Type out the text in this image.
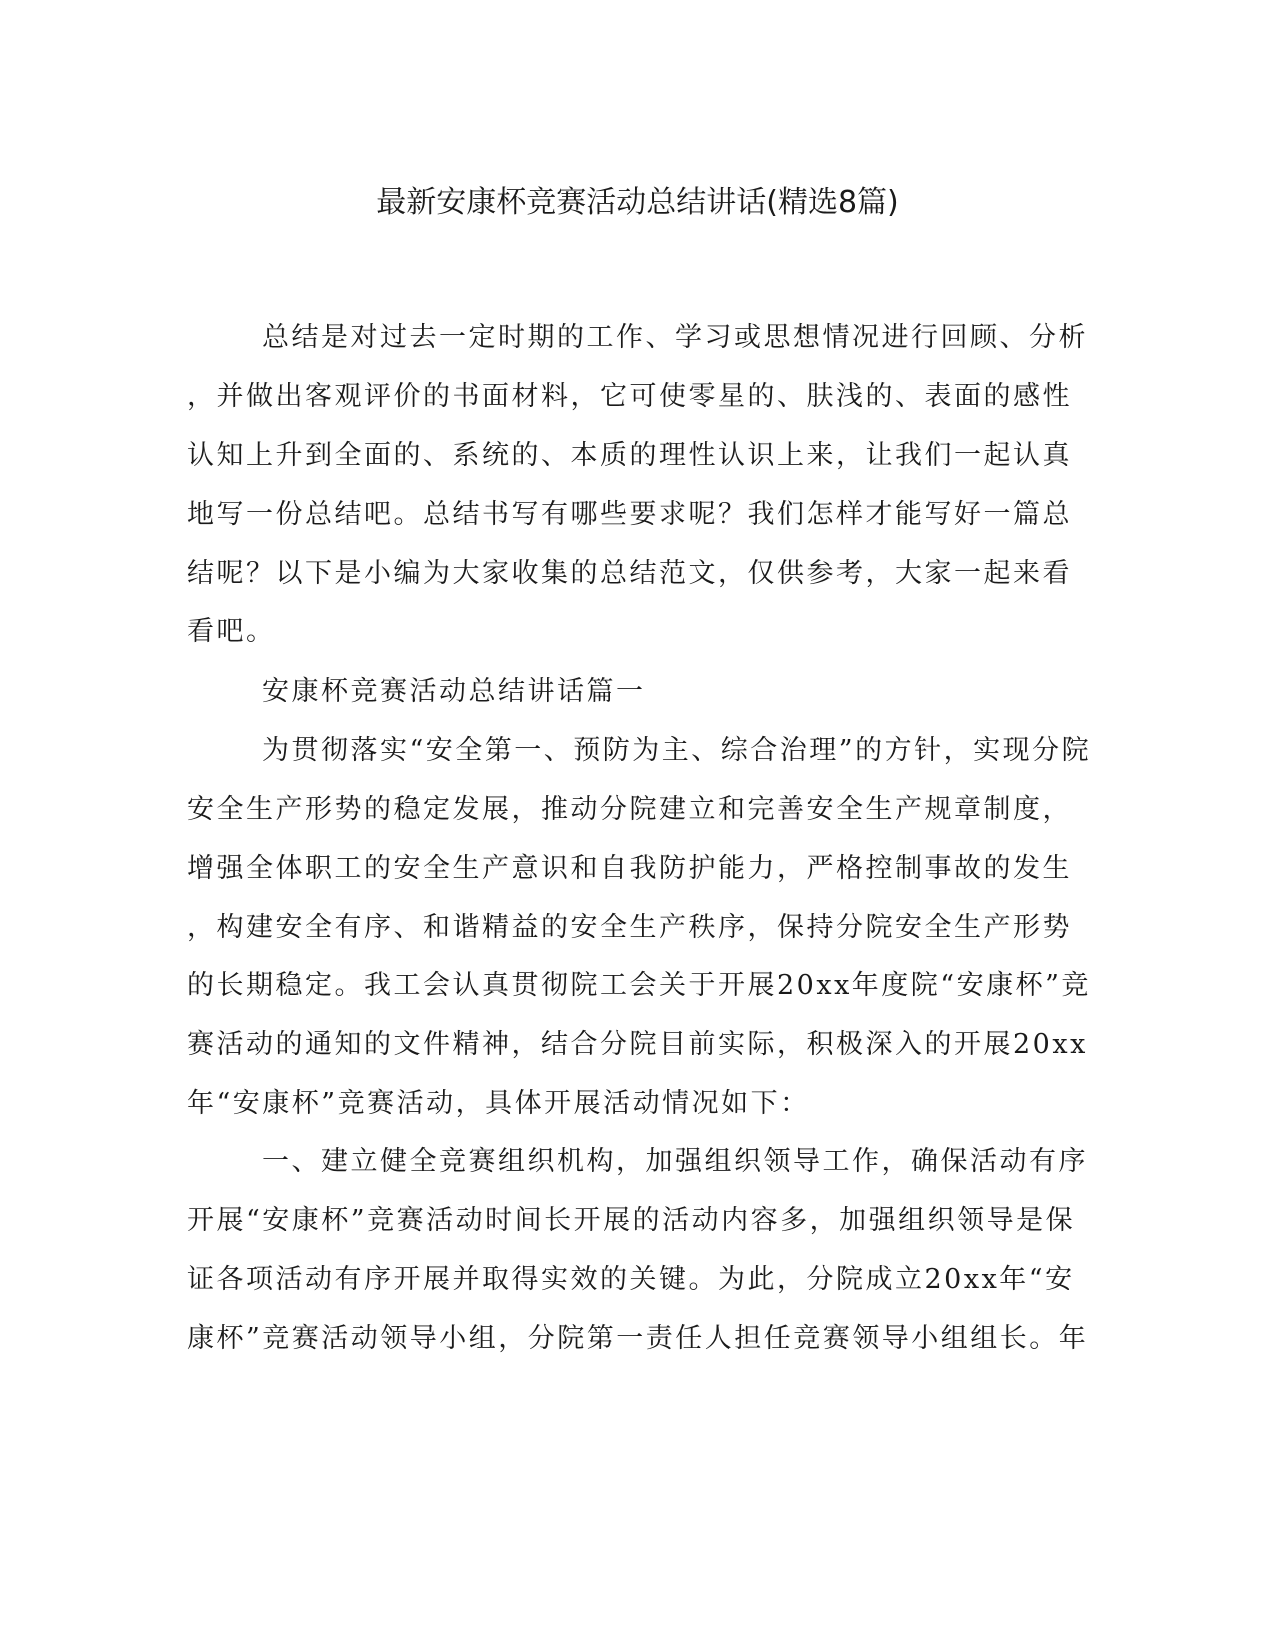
最新安康杯竞赛活动总结讲话(精选8篇)

总结是对过去一定时期的工作、学习或思想情况进行回顾、分析

，并做出客观评价的书面材料，它可使零星的、肤浅的、表面的感性

认知上升到全面的、系统的、本质的理性认识上来，让我们一起认真

地写一份总结吧。总结书写有哪些要求呢？我们怎样才能写好一篇总

结呢？以下是小编为大家收集的总结范文，仅供参考，大家一起来看

看吧。

安康杯竞赛活动总结讲话篇一

为贯彻落实“安全第一、预防为主、综合治理”的方针，实现分院

安全生产形势的稳定发展，推动分院建立和完善安全生产规章制度，

增强全体职工的安全生产意识和自我防护能力，严格控制事故的发生

，构建安全有序、和谐精益的安全生产秩序，保持分院安全生产形势

的长期稳定。我工会认真贯彻院工会关于开展20xx年度院“安康杯”竞

赛活动的通知的文件精神，结合分院目前实际，积极深入的开展20xx

年“安康杯”竞赛活动，具体开展活动情况如下：

一、建立健全竞赛组织机构，加强组织领导工作，确保活动有序

开展“安康杯”竞赛活动时间长开展的活动内容多，加强组织领导是保

证各项活动有序开展并取得实效的关键。为此，分院成立20xx年“安

康杯”竞赛活动领导小组，分院第一责任人担任竞赛领导小组组长。年
